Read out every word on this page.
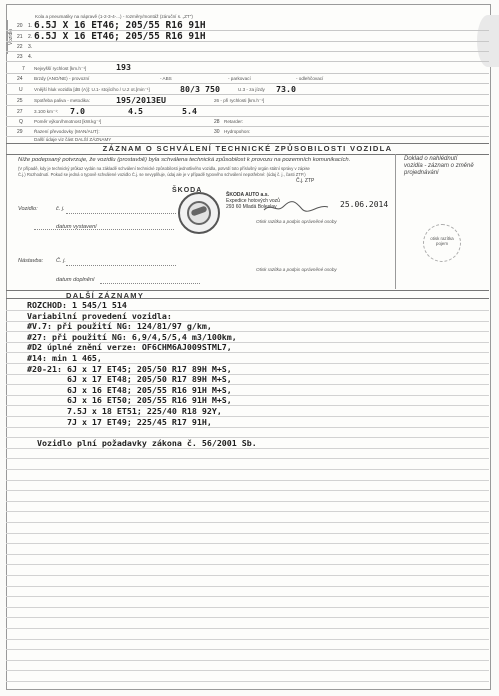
Vozidlo
Kola a pneumatiky na nápravě (1-2-3-4-...) - rozměry/montáž (záruční s. „ZT")
20 1. 6.5J X 16 ET46; 205/55 R16 91H
21 2. 6.5J X 16 ET46; 205/55 R16 91H
22 3.
23 4.
7 Nejvyšší rychlost [km.h⁻¹]	193
24 Brzdy (ANO/NE) - provozní	- ABS	- parkovací	- odlehčovací
U Vnější hluk vozidla [dB (A)]: U.1- stojícího / U.2 ot.[min⁻¹]	80/3 750	U.3 - za jízdy 73.0
25 Spotřeba paliva - metodika:	195/2013EU	26 - při rychlosti [km.h⁻¹]
27 3.100 km⁻¹: 7.0	4.5	5.4
Q Poměr výkon/hmotnost [kW.kg⁻¹]	28 Retarder:
29 Řazení převodovky (MAN/AUT):	30 Hydropohon:
Další údaje viz část DALŠÍ ZÁZNAMY
ZÁZNAM O SCHVÁLENÍ TECHNICKÉ ZPŮSOBILOSTI VOZIDLA
Níže podepsaný potvrzuje, že vozidlu (prostavbě) byla schválena technická způsobilost k provozu na pozemních komunikacích.
(V případě, kdy je technický průkaz vydán na základě schválení technické způsobilosti jednotlivého vozidla, potvrdí toto příslušný orgán státní správy v zápise
Č.j.) Rozhodnutí. Pokud se jedná o typově schválené vozidlo Č.j. se nevyplňuje, údaj ale je v případě typového schválení nepotřebné: (údaj č. j., časti ZTP.)
Doklad o nahlédnutí vozidla - záznam o změně projednávání
otisk razítka pojem
Vozidlo:	č. j.
datum vystavení
ŠKODA
ŠKODA AUTO a.s.
Expedice hotových vozů
293 60 Mladá Boleslav
Č.j. ZTP
25.06.2014
Otisk razítka a podpis oprávněné osoby
Nástavba: Č. j.
datum doplnění
Otisk razítka a podpis oprávněné osoby
DALŠÍ ZÁZNAMY
ROZCHOD: 1 545/1 514
Variabilní provedení vozidla:
#V.7: při použití NG: 124/81/97 g/km,
#27: při použití NG: 6,9/4,5/5,4 m3/100km,
#D2 úplné znění verze: OF6CHM6AJ009STML7,
#14: min 1 465,
#20-21: 6J x 17 ET45; 205/50 R17 89H M+S,
6J x 17 ET48; 205/50 R17 89H M+S,
6J x 16 ET48; 205/55 R16 91H M+S,
6J x 16 ET50; 205/55 R16 91H M+S,
7.5J x 18 ET51; 225/40 R18 92Y,
7J x 17 ET49; 225/45 R17 91H,
Vozidlo plní požadavky zákona č. 56/2001 Sb.
